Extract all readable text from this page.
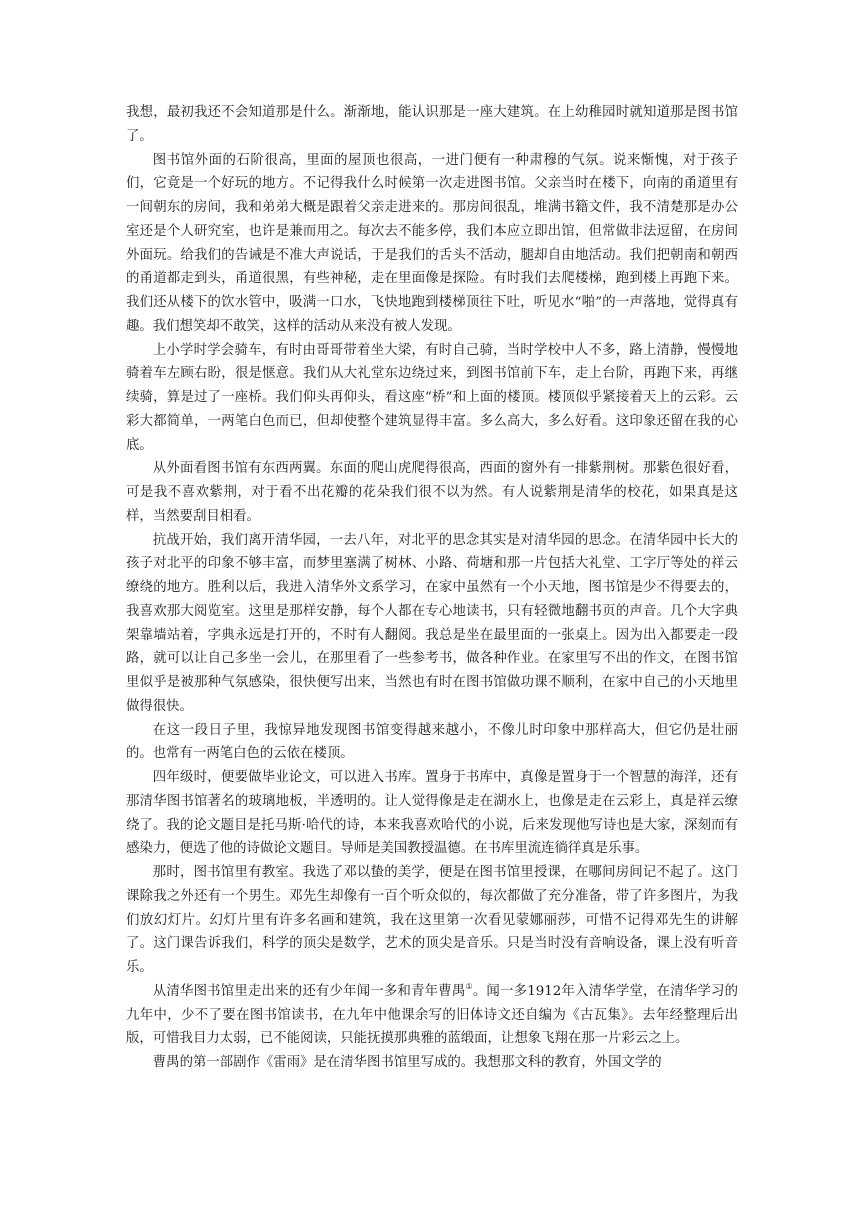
我想，最初我还不会知道那是什么。渐渐地，能认识那是一座大建筑。在上幼稚园时就知道那是图书馆了。

图书馆外面的石阶很高，里面的屋顶也很高，一进门便有一种肃穆的气氛。说来惭愧，对于孩子们，它竟是一个好玩的地方。不记得我什么时候第一次走进图书馆。父亲当时在楼下，向南的甬道里有一间朝东的房间，我和弟弟大概是跟着父亲走进来的。那房间很乱，堆满书籍文件，我不清楚那是办公室还是个人研究室，也许是兼而用之。每次去不能多停，我们本应立即出馆，但常做非法逗留，在房间外面玩。给我们的告诫是不准大声说话，于是我们的舌头不活动，腿却自由地活动。我们把朝南和朝西的甬道都走到头，甬道很黑，有些神秘，走在里面像是探险。有时我们去爬楼梯，跑到楼上再跑下来。我们还从楼下的饮水管中，吸满一口水，飞快地跑到楼梯顶往下吐，听见水“啪”的一声落地，觉得真有趣。我们想笑却不敢笑，这样的活动从来没有被人发现。

上小学时学会骑车，有时由哥哥带着坐大梁，有时自己骑，当时学校中人不多，路上清静，慢慢地骑着车左顾右盼，很是惬意。我们从大礼堂东边绕过来，到图书馆前下车，走上台阶，再跑下来，再继续骑，算是过了一座桥。我们仰头再仰头，看这座“桥”和上面的楼顶。楼顶似乎紧接着天上的云彩。云彩大都简单，一两笔白色而已，但却使整个建筑显得丰富。多么高大，多么好看。这印象还留在我的心底。

从外面看图书馆有东西两翼。东面的爬山虎爬得很高，西面的窗外有一排紫荆树。那紫色很好看，可是我不喜欢紫荆，对于看不出花瓣的花朵我们很不以为然。有人说紫荆是清华的校花，如果真是这样，当然要刮目相看。

抗战开始，我们离开清华园，一去八年，对北平的思念其实是对清华园的思念。在清华园中长大的孩子对北平的印象不够丰富，而梦里塞满了树林、小路、荷塘和那一片包括大礼堂、工字厅等处的祥云缭绕的地方。胜利以后，我进入清华外文系学习，在家中虽然有一个小天地，图书馆是少不得要去的，我喜欢那大阅览室。这里是那样安静，每个人都在专心地读书，只有轻微地翻书页的声音。几个大字典架靠墙站着，字典永远是打开的，不时有人翻阅。我总是坐在最里面的一张桌上。因为出入都要走一段路，就可以让自己多坐一会儿，在那里看了一些参考书，做各种作业。在家里写不出的作文，在图书馆里似乎是被那种气氛感染，很快便写出来，当然也有时在图书馆做功课不顺利，在家中自己的小天地里做得很快。

在这一段日子里，我惊异地发现图书馆变得越来越小，不像儿时印象中那样高大，但它仍是壮丽的。也常有一两笔白色的云依在楼顶。

四年级时，便要做毕业论文，可以进入书库。置身于书库中，真像是置身于一个智慧的海洋，还有那清华图书馆著名的玻璃地板，半透明的。让人觉得像是走在湖水上，也像是走在云彩上，真是祥云缭绕了。我的论文题目是托马斯·哈代的诗，本来我喜欢哈代的小说，后来发现他写诗也是大家，深刻而有感染力，便选了他的诗做论文题目。导师是美国教授温德。在书库里流连徜徉真是乐事。

那时，图书馆里有教室。我选了邓以蛰的美学，便是在图书馆里授课，在哪间房间记不起了。这门课除我之外还有一个男生。邓先生却像有一百个听众似的，每次都做了充分准备，带了许多图片，为我们放幻灯片。幻灯片里有许多名画和建筑，我在这里第一次看见蒙娜丽莎，可惜不记得邓先生的讲解了。这门课告诉我们，科学的顶尖是数学，艺术的顶尖是音乐。只是当时没有音响设备，课上没有听音乐。

从清华图书馆里走出来的还有少年闻一多和青年曹禺①。闻一多1912年入清华学堂，在清华学习的九年中，少不了要在图书馆读书，在九年中他课余写的旧体诗文还自编为《古瓦集》。去年经整理后出版，可惜我目力太弱，已不能阅读，只能抚摸那典雅的蓝缎面，让想象飞翔在那一片彩云之上。

曹禺的第一部剧作《雷雨》是在清华图书馆里写成的。我想那文科的教育，外国文学的
